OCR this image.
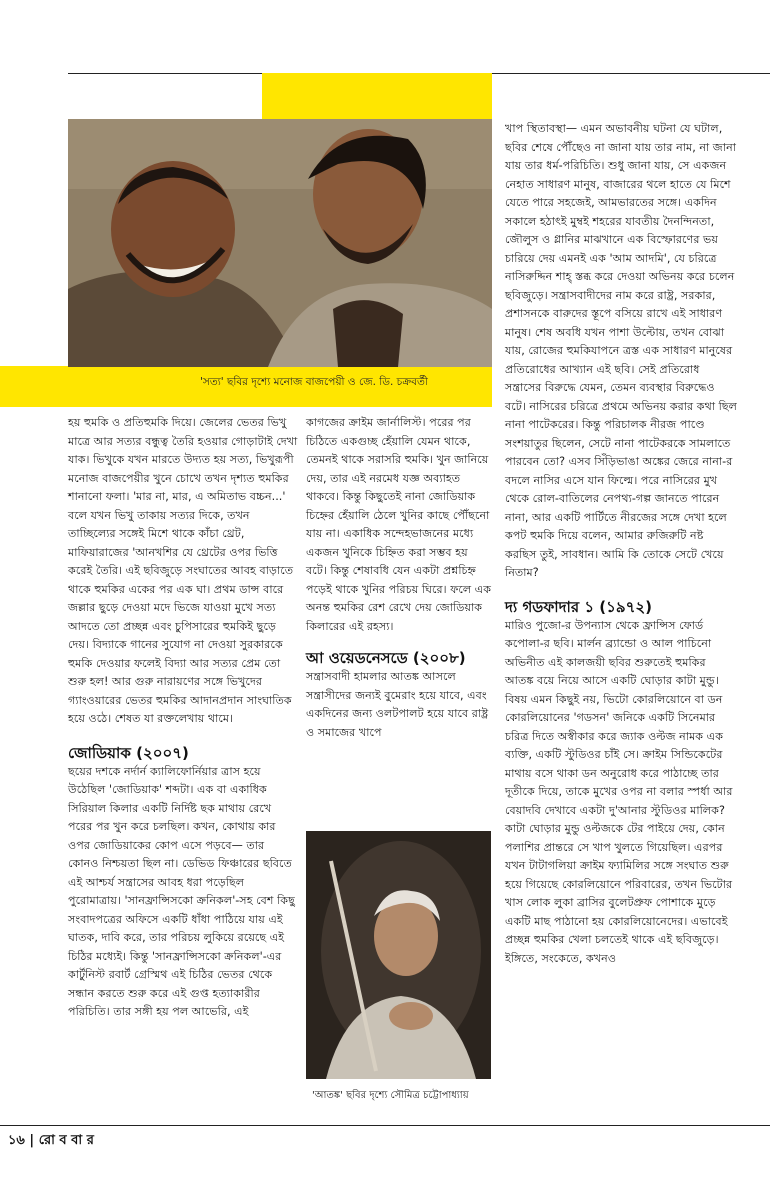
'সত্য' ছবির দৃশ্যে মনোজ বাজপেয়ী ও জে. ডি. চক্রবর্তী

হয় হুমকি ও প্রতিহুমকি দিয়ে। জেলের ভেতর ভিখু মাত্রে আর সত্যর বন্ধুত্ব তৈরি হওয়ার গোড়াটাই দেখা যাক। ভিখুকে যখন মারতে উদ্যত হয় সত্য, ভিখুরূপী মনোজ বাজপেয়ীর খুনে চোখে তখন দৃশ্যত হুমকির শানানো ফলা। 'মার না, মার, এ অমিতাভ বচ্চন...' বলে যখন ভিখু তাকায় সত্যর দিকে, তখন তাচ্ছিল্যের সঙ্গেই মিশে থাকে কাঁচা থ্রেট, মাফিয়ারাজের 'আনখশির যে থ্রেটের ওপর ভিত্তি করেই তৈরি। এই ছবিজুড়ে সংঘাতের আবহ বাড়াতে থাকে হুমকির একের পর এক ঘা। প্রথম ডান্স বারে জল্লার ছুড়ে দেওয়া মদে ভিজে যাওয়া মুখে সত্য আদতে তো প্রচ্ছন্ন এবং চুপিসারের হুমকিই ছুড়ে দেয়। বিদ্যাকে গানের সুযোগ না দেওয়া সুরকারকে হুমকি দেওয়ার ফলেই বিদ্যা আর সত্যর প্রেম তো শুরু হল! আর গুরু নারায়ণের সঙ্গে ভিখুদের গ্যাংওয়ারের ভেতর হুমকির আদানপ্রদান সাংঘাতিক হয়ে ওঠে। শেষত যা রক্তলেখায় থামে।

জোডিয়াক (২০০৭)

ছয়ের দশকে নর্দার্ন ক্যালিফোর্নিয়ার ত্রাস হয়ে উঠেছিল 'জোডিয়াক' শব্দটা। এক বা একাধিক সিরিয়াল কিলার একটি নির্দিষ্ট ছক মাথায় রেখে পরের পর খুন করে চলছিল। কখন, কোথায় কার ওপর জোডিয়াকের কোপ এসে পড়বে— তার কোনও নিশ্চয়তা ছিল না। ডেভিড ফিঞ্চারের ছবিতে এই আশ্চর্য সন্ত্রাসের আবহ ধরা পড়েছিল পুরোমাত্রায়। 'সানফ্রান্সিসকো ক্রনিকল'-সহ বেশ কিছু সংবাদপত্রের অফিসে একটি ধাঁধা পাঠিয়ে যায় এই ঘাতক, দাবি করে, তার পরিচয় লুকিয়ে রয়েছে এই চিঠির মধ্যেই। কিন্তু 'সানফ্রান্সিসকো ক্রনিকল'-এর কার্টুনিস্ট রবার্ট গ্রেস্মিথ এই চিঠির ভেতর থেকে সন্ধান করতে শুরু করে এই গুপ্ত হত্যাকারীর পরিচিতি। তার সঙ্গী হয় পল আভেরি, এই

কাগজের ক্রাইম জার্নালিস্ট। পরের পর চিঠিতে একগুচ্ছ হেঁয়ালি যেমন থাকে, তেমনই থাকে সরাসরি হুমকি। খুন জানিয়ে দেয়, তার এই নরমেধ যজ্ঞ অব্যাহত থাকবে। কিন্তু কিছুতেই নানা জোডিয়াক চিহ্নের হেঁয়ালি ঠেলে খুনির কাছে পৌঁছনো যায় না। একাধিক সন্দেহভাজনের মধ্যে একজন খুনিকে চিহ্নিত করা সম্ভব হয় বটে। কিন্তু শেষাবধি যেন একটা প্রশ্নচিহ্ন পড়েই থাকে খুনির পরিচয় ঘিরে। ফলে এক অনন্ত হুমকির রেশ রেখে দেয় জোডিয়াক কিলারের এই রহস্য।

আ ওয়েডনেসডে (২০০৮)

সন্ত্রাসবাদী হামলার আতঙ্ক আসলে সন্ত্রাসীদের জন্যই বুমেরাং হয়ে যাবে, এবং একদিনের জন্য ওলটপালট হয়ে যাবে রাষ্ট্র ও সমাজের খাপে

'আতঙ্ক' ছবির দৃশ্যে সৌমিত্র চট্টোপাধ্যায়

খাপ স্থিতাবস্থা— এমন অভাবনীয় ঘটনা যে ঘটাল, ছবির শেষে পৌঁছেও না জানা যায় তার নাম, না জানা যায় তার ধর্ম-পরিচিতি। শুধু জানা যায়, সে একজন নেহাত সাধারণ মানুষ, বাজারের থলে হাতে যে মিশে যেতে পারে সহজেই, আমভারতের সঙ্গে। একদিন সকালে হঠাৎই মুম্বই শহরের যাবতীয় দৈনন্দিনতা, জৌলুস ও গ্লানির মাঝখানে এক বিস্ফোরণের ভয় চারিয়ে দেয় এমনই এক 'আম আদমি', যে চরিত্রে নাসিরুদ্দিন শাহ্ স্তব্ধ করে দেওয়া অভিনয় করে চলেন ছবিজুড়ে। সন্ত্রাসবাদীদের নাম করে রাষ্ট্র, সরকার, প্রশাসনকে বারুদের স্তূপে বসিয়ে রাখে এই সাধারণ মানুষ। শেষ অবধি যখন পাশা উল্টোয়, তখন বোঝা যায়, রোজের হুমকিযাপনে ত্রস্ত এক সাধারণ মানুষের প্রতিরোধের আখ্যান এই ছবি। সেই প্রতিরোধ সন্ত্রাসের বিরুদ্ধে যেমন, তেমন ব্যবস্থার বিরুদ্ধেও বটে। নাসিরের চরিত্রে প্রথমে অভিনয় করার কথা ছিল নানা পাটেকরের। কিন্তু পরিচালক নীরজ পাণ্ডে সংশয়াতুর ছিলেন, সেটে নানা পাটেকরকে সামলাতে পারবেন তো? এসব সিঁড়িভাঙা অঙ্কের জেরে নানা-র বদলে নাসির এসে যান ফিল্মে। পরে নাসিরের মুখ থেকে রোল-বাতিলের নেপথ্য-গল্প জানতে পারেন নানা, আর একটি পার্টিতে নীরজের সঙ্গে দেখা হলে কপট হুমকি দিয়ে বলেন, আমার রুজিরুটি নষ্ট করছিস তুই, সাবধান। আমি কি তোকে সেটে খেয়ে নিতাম?

দ্য গডফাদার ১ (১৯৭২)

মারিও পুজো-র উপন্যাস থেকে ফ্রান্সিস ফোর্ড কপোলা-র ছবি। মার্লন ব্র্যান্ডো ও আল পাচিনো অভিনীত এই কালজয়ী ছবির শুরুতেই হুমকির আতঙ্ক বয়ে নিয়ে আসে একটি ঘোড়ার কাটা মুন্ডু। বিষয় এমন কিছুই নয়, ভিটো কোরলিয়োনে বা ডন কোরলিয়োনের 'গডসন' জনিকে একটি সিনেমার চরিত্র দিতে অস্বীকার করে জ্যাক ওল্টজ নামক এক ব্যক্তি, একটি স্টুডিওর চাঁই সে। ক্রাইম সিন্ডিকেটের মাথায় বসে থাকা ডন অনুরোধ করে পাঠাচ্ছে তার দূতীকে দিয়ে, তাকে মুখের ওপর না বলার স্পর্ধা আর বেয়াদবি দেখাবে একটা দু'আনার স্টুডিওর মালিক? কাটা ঘোড়ার মুন্ডু ওল্টজকে টের পাইয়ে দেয়, কোন পলাশির প্রান্তরে সে খাপ খুলতে গিয়েছিল। এরপর যখন টাটাগলিয়া ক্রাইম ফ্যামিলির সঙ্গে সংঘাত শুরু হয়ে গিয়েছে কোরলিয়োনে পরিবারের, তখন ভিটোর খাস লোক লুকা ব্রাসির বুলেটপ্রুফ পোশাকে মুড়ে একটি মাছ পাঠানো হয় কোরলিয়োনেদের। এভাবেই প্রচ্ছন্ন হুমকির খেলা চলতেই থাকে এই ছবিজুড়ে। ইঙ্গিতে, সংকেতে, কখনও

১৬ | রো ব বা র
